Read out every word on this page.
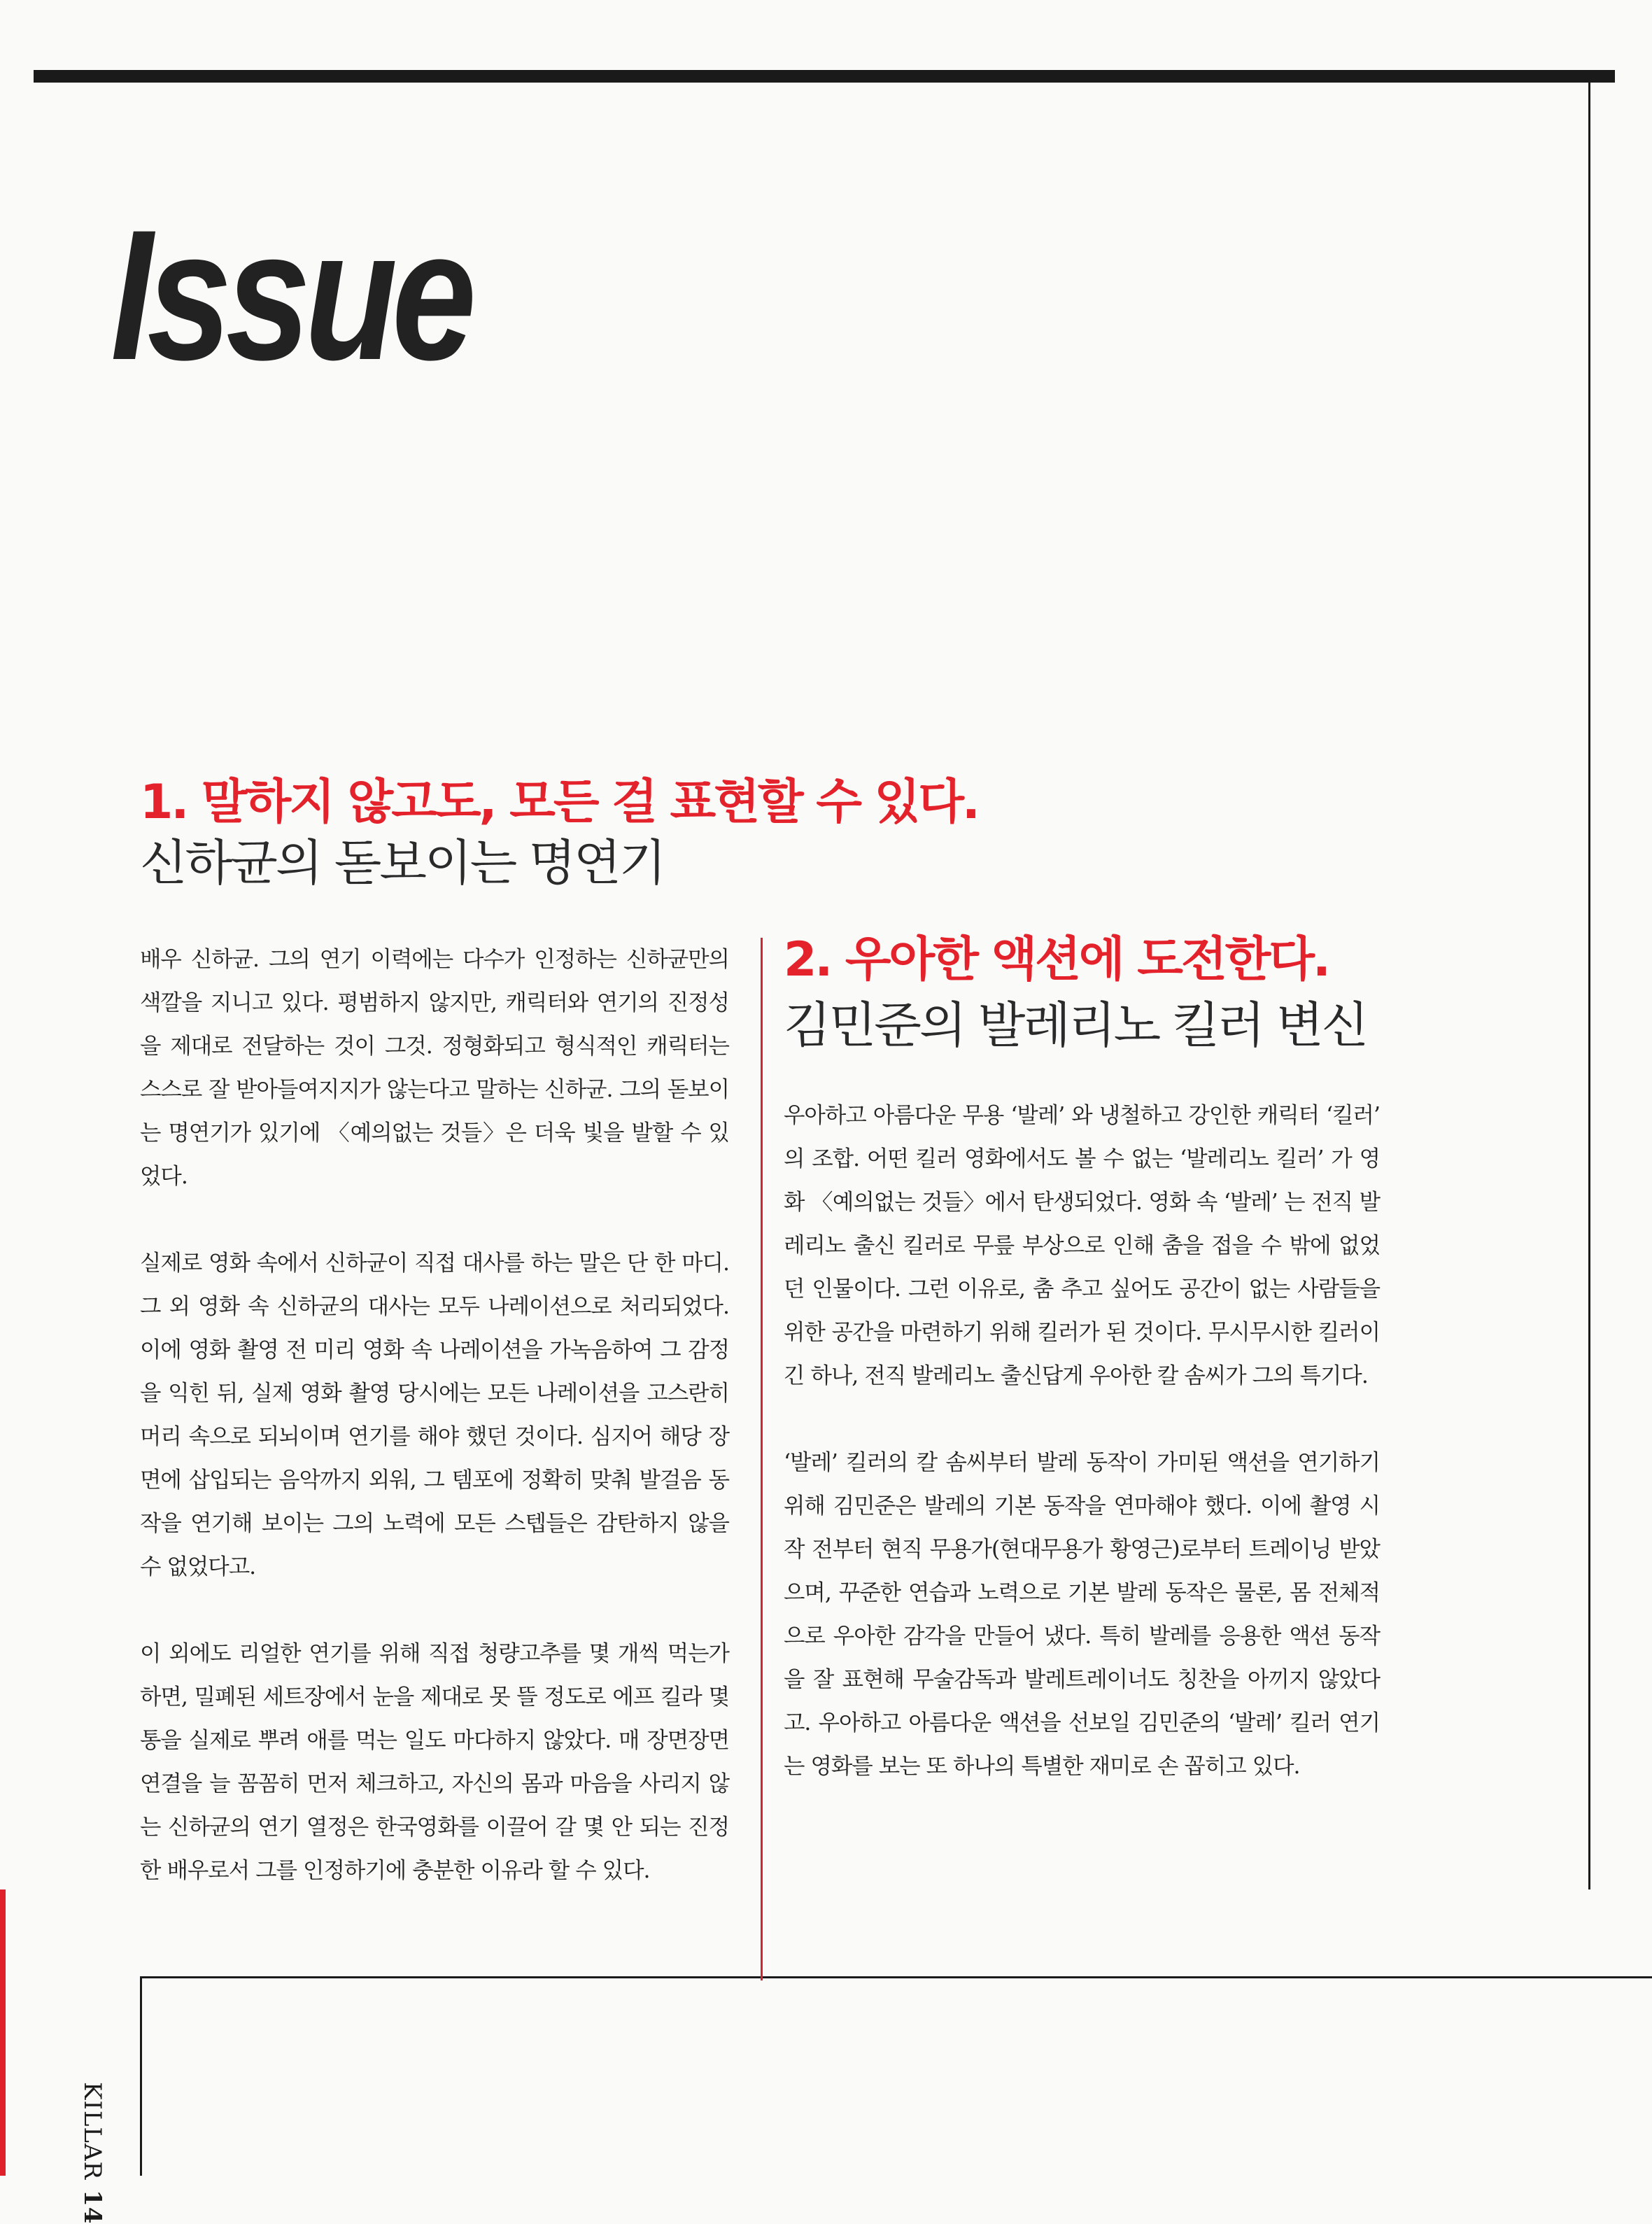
Issue
1. 말하지 않고도, 모든 걸 표현할 수 있다.
신하균의 돋보이는 명연기

배우 신하균. 그의 연기 이력에는 다수가 인정하는 신하균만의 색깔을 지니고 있다. 평범하지 않지만, 캐릭터와 연기의 진정성을 제대로 전달하는 것이 그것. 정형화되고 형식적인 캐릭터는 스스로 잘 받아들여지지가 않는다고 말하는 신하균. 그의 돋보이는 명연기가 있기에 〈예의없는 것들〉은 더욱 빛을 발할 수 있었다.

실제로 영화 속에서 신하균이 직접 대사를 하는 말은 단 한 마디. 그 외 영화 속 신하균의 대사는 모두 나레이션으로 처리되었다. 이에 영화 촬영 전 미리 영화 속 나레이션을 가녹음하여 그 감정을 익힌 뒤, 실제 영화 촬영 당시에는 모든 나레이션을 고스란히 머리 속으로 되뇌이며 연기를 해야 했던 것이다. 심지어 해당 장면에 삽입되는 음악까지 외워, 그 템포에 정확히 맞춰 발걸음 동작을 연기해 보이는 그의 노력에 모든 스텝들은 감탄하지 않을 수 없었다고.

이 외에도 리얼한 연기를 위해 직접 청량고추를 몇 개씩 먹는가 하면, 밀폐된 세트장에서 눈을 제대로 못 뜰 정도로 에프 킬라 몇 통을 실제로 뿌려 애를 먹는 일도 마다하지 않았다. 매 장면장면 연결을 늘 꼼꼼히 먼저 체크하고, 자신의 몸과 마음을 사리지 않는 신하균의 연기 열정은 한국영화를 이끌어 갈 몇 안 되는 진정한 배우로서 그를 인정하기에 충분한 이유라 할 수 있다.

2. 우아한 액션에 도전한다.
김민준의 발레리노 킬러 변신

우아하고 아름다운 무용 ‘발레’ 와 냉철하고 강인한 캐릭터 ‘킬러’ 의 조합. 어떤 킬러 영화에서도 볼 수 없는 ‘발레리노 킬러’ 가 영화 〈예의없는 것들〉에서 탄생되었다. 영화 속 ‘발레’ 는 전직 발레리노 출신 킬러로 무릎 부상으로 인해 춤을 접을 수 밖에 없었던 인물이다. 그런 이유로, 춤 추고 싶어도 공간이 없는 사람들을 위한 공간을 마련하기 위해 킬러가 된 것이다. 무시무시한 킬러이긴 하나, 전직 발레리노 출신답게 우아한 칼 솜씨가 그의 특기다.

‘발레’ 킬러의 칼 솜씨부터 발레 동작이 가미된 액션을 연기하기 위해 김민준은 발레의 기본 동작을 연마해야 했다. 이에 촬영 시작 전부터 현직 무용가(현대무용가 황영근)로부터 트레이닝 받았으며, 꾸준한 연습과 노력으로 기본 발레 동작은 물론, 몸 전체적으로 우아한 감각을 만들어 냈다. 특히 발레를 응용한 액션 동작을 잘 표현해 무술감독과 발레트레이너도 칭찬을 아끼지 않았다고. 우아하고 아름다운 액션을 선보일 김민준의 ‘발레’ 킬러 연기는 영화를 보는 또 하나의 특별한 재미로 손 꼽히고 있다.

KILLAR14
